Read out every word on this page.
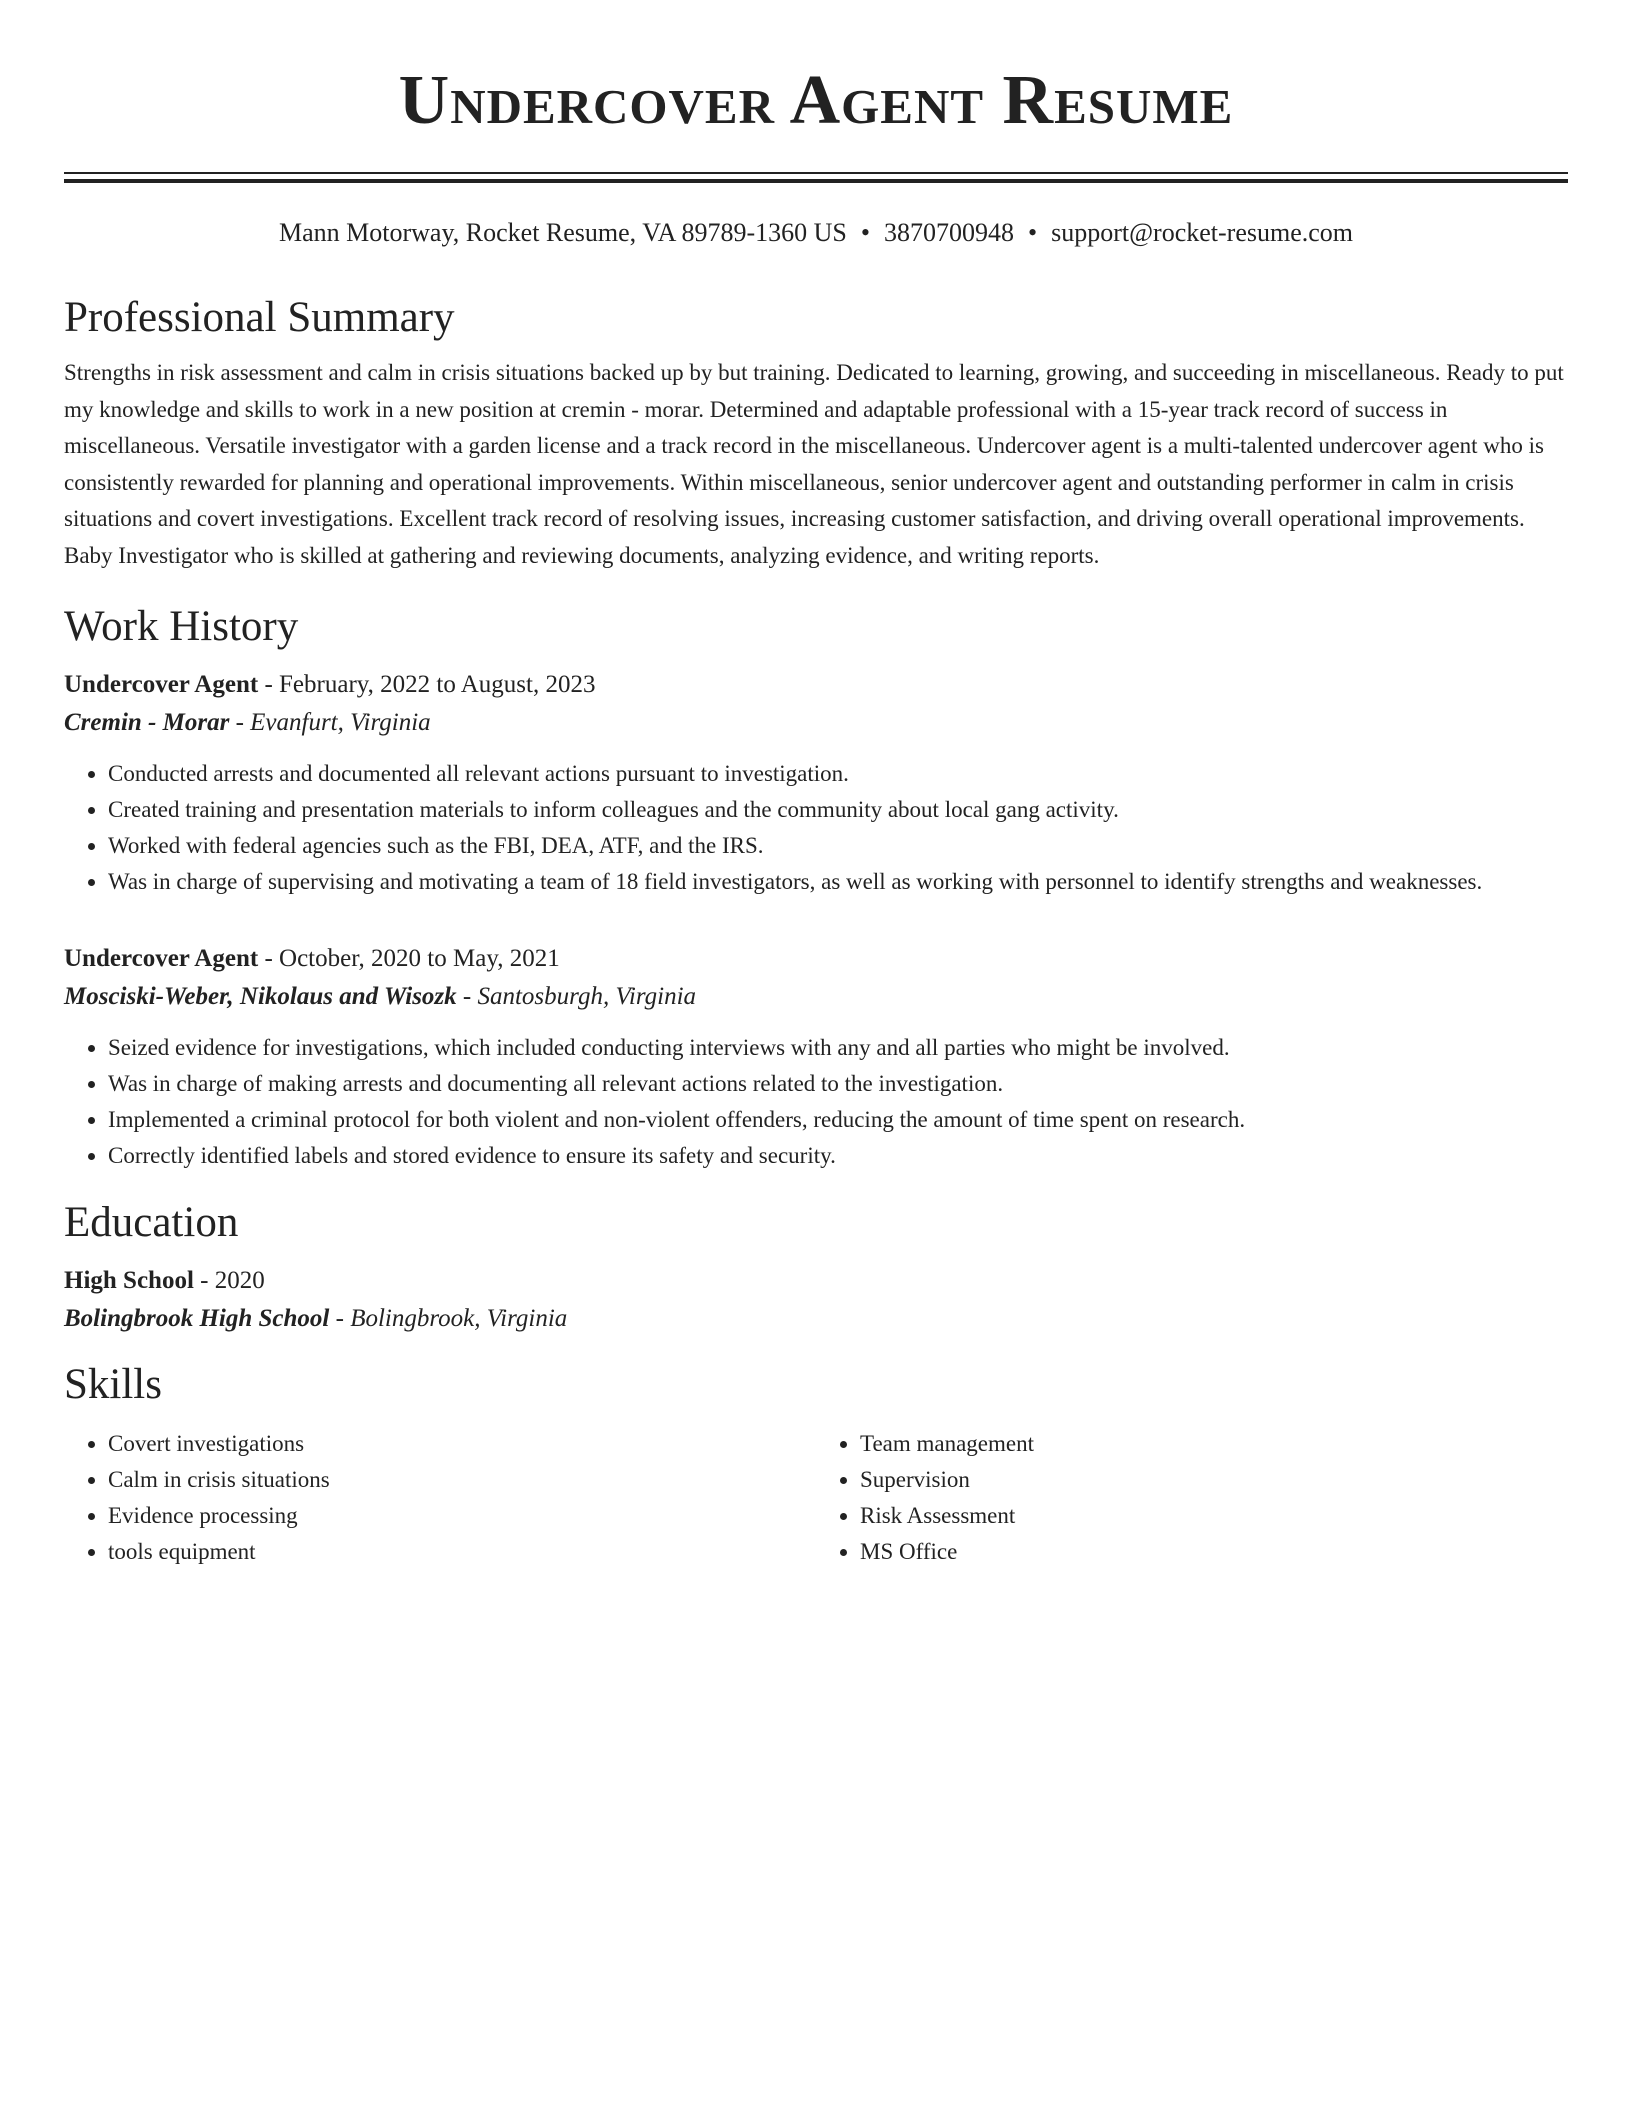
Undercover Agent Resume
Mann Motorway, Rocket Resume, VA 89789-1360 US • 3870700948 • support@rocket-resume.com
Professional Summary

Strengths in risk assessment and calm in crisis situations backed up by but training. Dedicated to learning, growing, and succeeding in miscellaneous. Ready to put my knowledge and skills to work in a new position at cremin - morar. Determined and adaptable professional with a 15-year track record of success in miscellaneous. Versatile investigator with a garden license and a track record in the miscellaneous. Undercover agent is a multi-talented undercover agent who is consistently rewarded for planning and operational improvements. Within miscellaneous, senior undercover agent and outstanding performer in calm in crisis situations and covert investigations. Excellent track record of resolving issues, increasing customer satisfaction, and driving overall operational improvements. Baby Investigator who is skilled at gathering and reviewing documents, analyzing evidence, and writing reports.

Work History
Undercover Agent - February, 2022 to August, 2023
Cremin - Morar - Evanfurt, Virginia
• Conducted arrests and documented all relevant actions pursuant to investigation.
• Created training and presentation materials to inform colleagues and the community about local gang activity.
• Worked with federal agencies such as the FBI, DEA, ATF, and the IRS.
• Was in charge of supervising and motivating a team of 18 field investigators, as well as working with personnel to identify strengths and weaknesses.
Undercover Agent - October, 2020 to May, 2021
Mosciski-Weber, Nikolaus and Wisozk - Santosburgh, Virginia
• Seized evidence for investigations, which included conducting interviews with any and all parties who might be involved.
• Was in charge of making arrests and documenting all relevant actions related to the investigation.
• Implemented a criminal protocol for both violent and non-violent offenders, reducing the amount of time spent on research.
• Correctly identified labels and stored evidence to ensure its safety and security.
Education
High School - 2020
Bolingbrook High School - Bolingbrook, Virginia
Skills
• Covert investigations
• Calm in crisis situations
• Evidence processing
• tools equipment
• Team management
• Supervision
• Risk Assessment
• MS Office
